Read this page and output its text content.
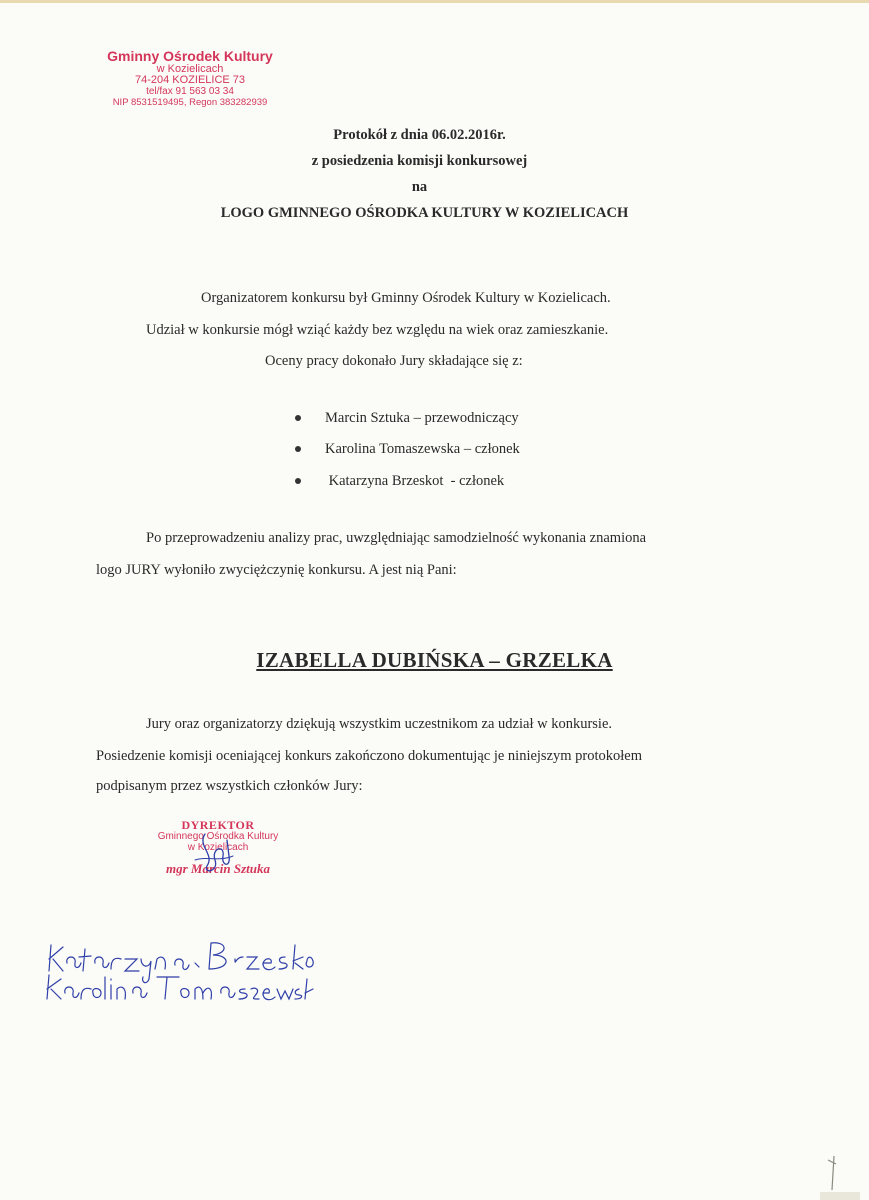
Gminny Ośrodek Kultury
w Kozielicach
74-204 KOZIELICE 73
tel/fax 91 563 03 34
NIP 8531519495, Regon 383282939
Protokół z dnia 06.02.2016r.
z posiedzenia komisji konkursowej
na
LOGO GMINNEGO OŚRODKA KULTURY W KOZIELICACH
Organizatorem konkursu był Gminny Ośrodek Kultury w Kozielicach.
Udział w konkursie mógł wziąć każdy bez względu na wiek oraz zamieszkanie.
Oceny pracy dokonało Jury składające się z:
Marcin Sztuka – przewodniczący
Karolina Tomaszewska – członek
Katarzyna Brzeskot  - członek
Po przeprowadzeniu analizy prac, uwzględniając samodzielność wykonania znamiona
logo JURY wyłoniło zwyciężczynię konkursu. A jest nią Pani:
IZABELLA DUBIŃSKA – GRZELKA
Jury oraz organizatorzy dziękują wszystkim uczestnikom za udział w konkursie.
Posiedzenie komisji oceniającej konkurs zakończono dokumentując je niniejszym protokołem
podpisanym przez wszystkich członków Jury:
DYREKTOR
Gminnego Ośrodka Kultury
w Kozielicach
mgr Marcin Sztuka
